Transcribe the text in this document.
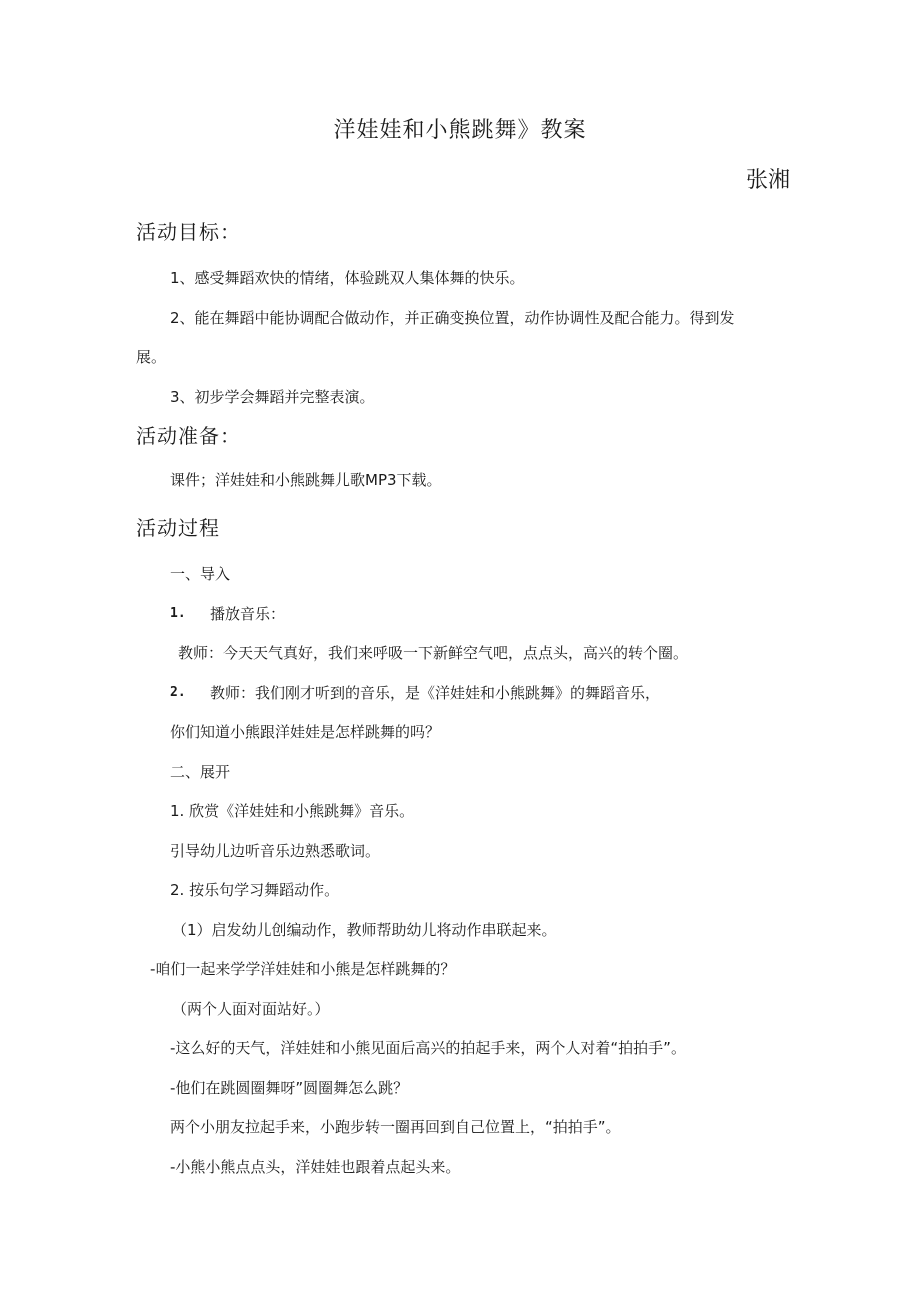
洋娃娃和小熊跳舞》教案
张湘
活动目标：
1、感受舞蹈欢快的情绪，体验跳双人集体舞的快乐。
2、能在舞蹈中能协调配合做动作，并正确变换位置，动作协调性及配合能力。得到发
展。
3、初步学会舞蹈并完整表演。
活动准备：
课件；洋娃娃和小熊跳舞儿歌MP3下载。
活动过程
一、导入
1. 播放音乐：
教师：今天天气真好，我们来呼吸一下新鲜空气吧，点点头，高兴的转个圈。
2. 教师：我们刚才听到的音乐，是《洋娃娃和小熊跳舞》的舞蹈音乐，
你们知道小熊跟洋娃娃是怎样跳舞的吗？
二、展开
1. 欣赏《洋娃娃和小熊跳舞》音乐。
引导幼儿边听音乐边熟悉歌词。
2. 按乐句学习舞蹈动作。
（1）启发幼儿创编动作，教师帮助幼儿将动作串联起来。
-咱们一起来学学洋娃娃和小熊是怎样跳舞的？
（两个人面对面站好。）
-这么好的天气，洋娃娃和小熊见面后高兴的拍起手来，两个人对着“拍拍手”。
-他们在跳圆圈舞呀”圆圈舞怎么跳？
两个小朋友拉起手来，小跑步转一圈再回到自己位置上，“拍拍手”。
-小熊小熊点点头，洋娃娃也跟着点起头来。
